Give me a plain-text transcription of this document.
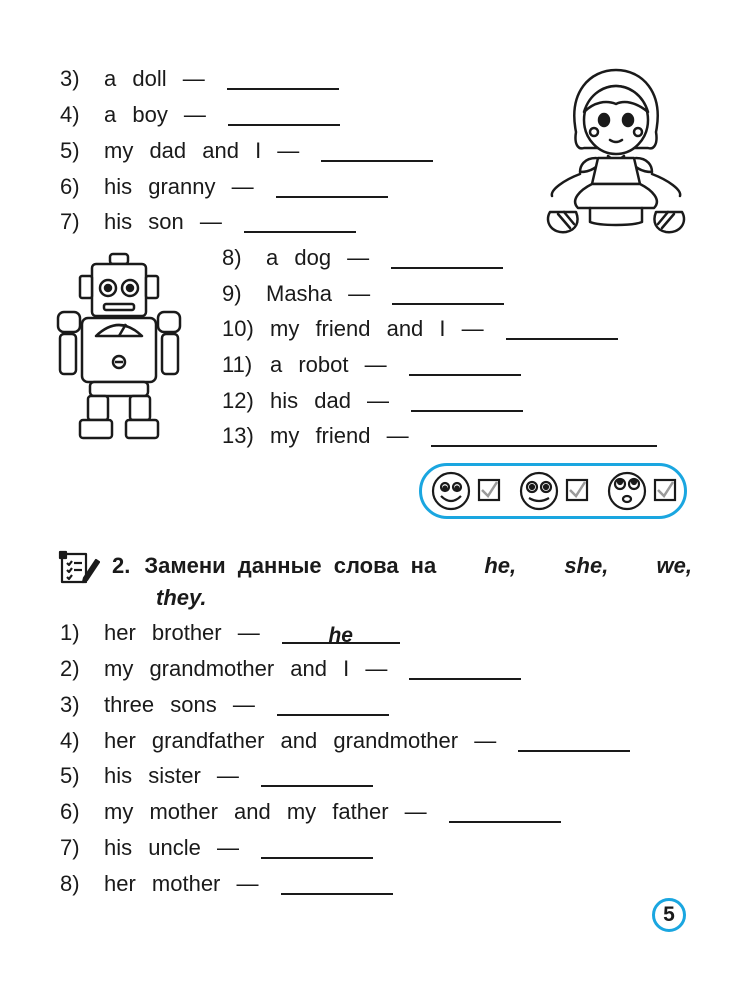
3)	a doll —
4)	a boy —
5)	my dad and I —
6)	his granny —
7)	his son —
8)	a dog —
9)	Masha —
10) my friend and I —
11) a robot —
12) his dad —
13) my friend —
2. Замени данные слова на he, she, we,
they.
1)	her brother —	he
2)	my grandmother and I —
3)	three sons —
4)	her grandfather and grandmother —
5)	his sister —
6)	my mother and my father —
7)	his uncle —
8)	her mother —
5
